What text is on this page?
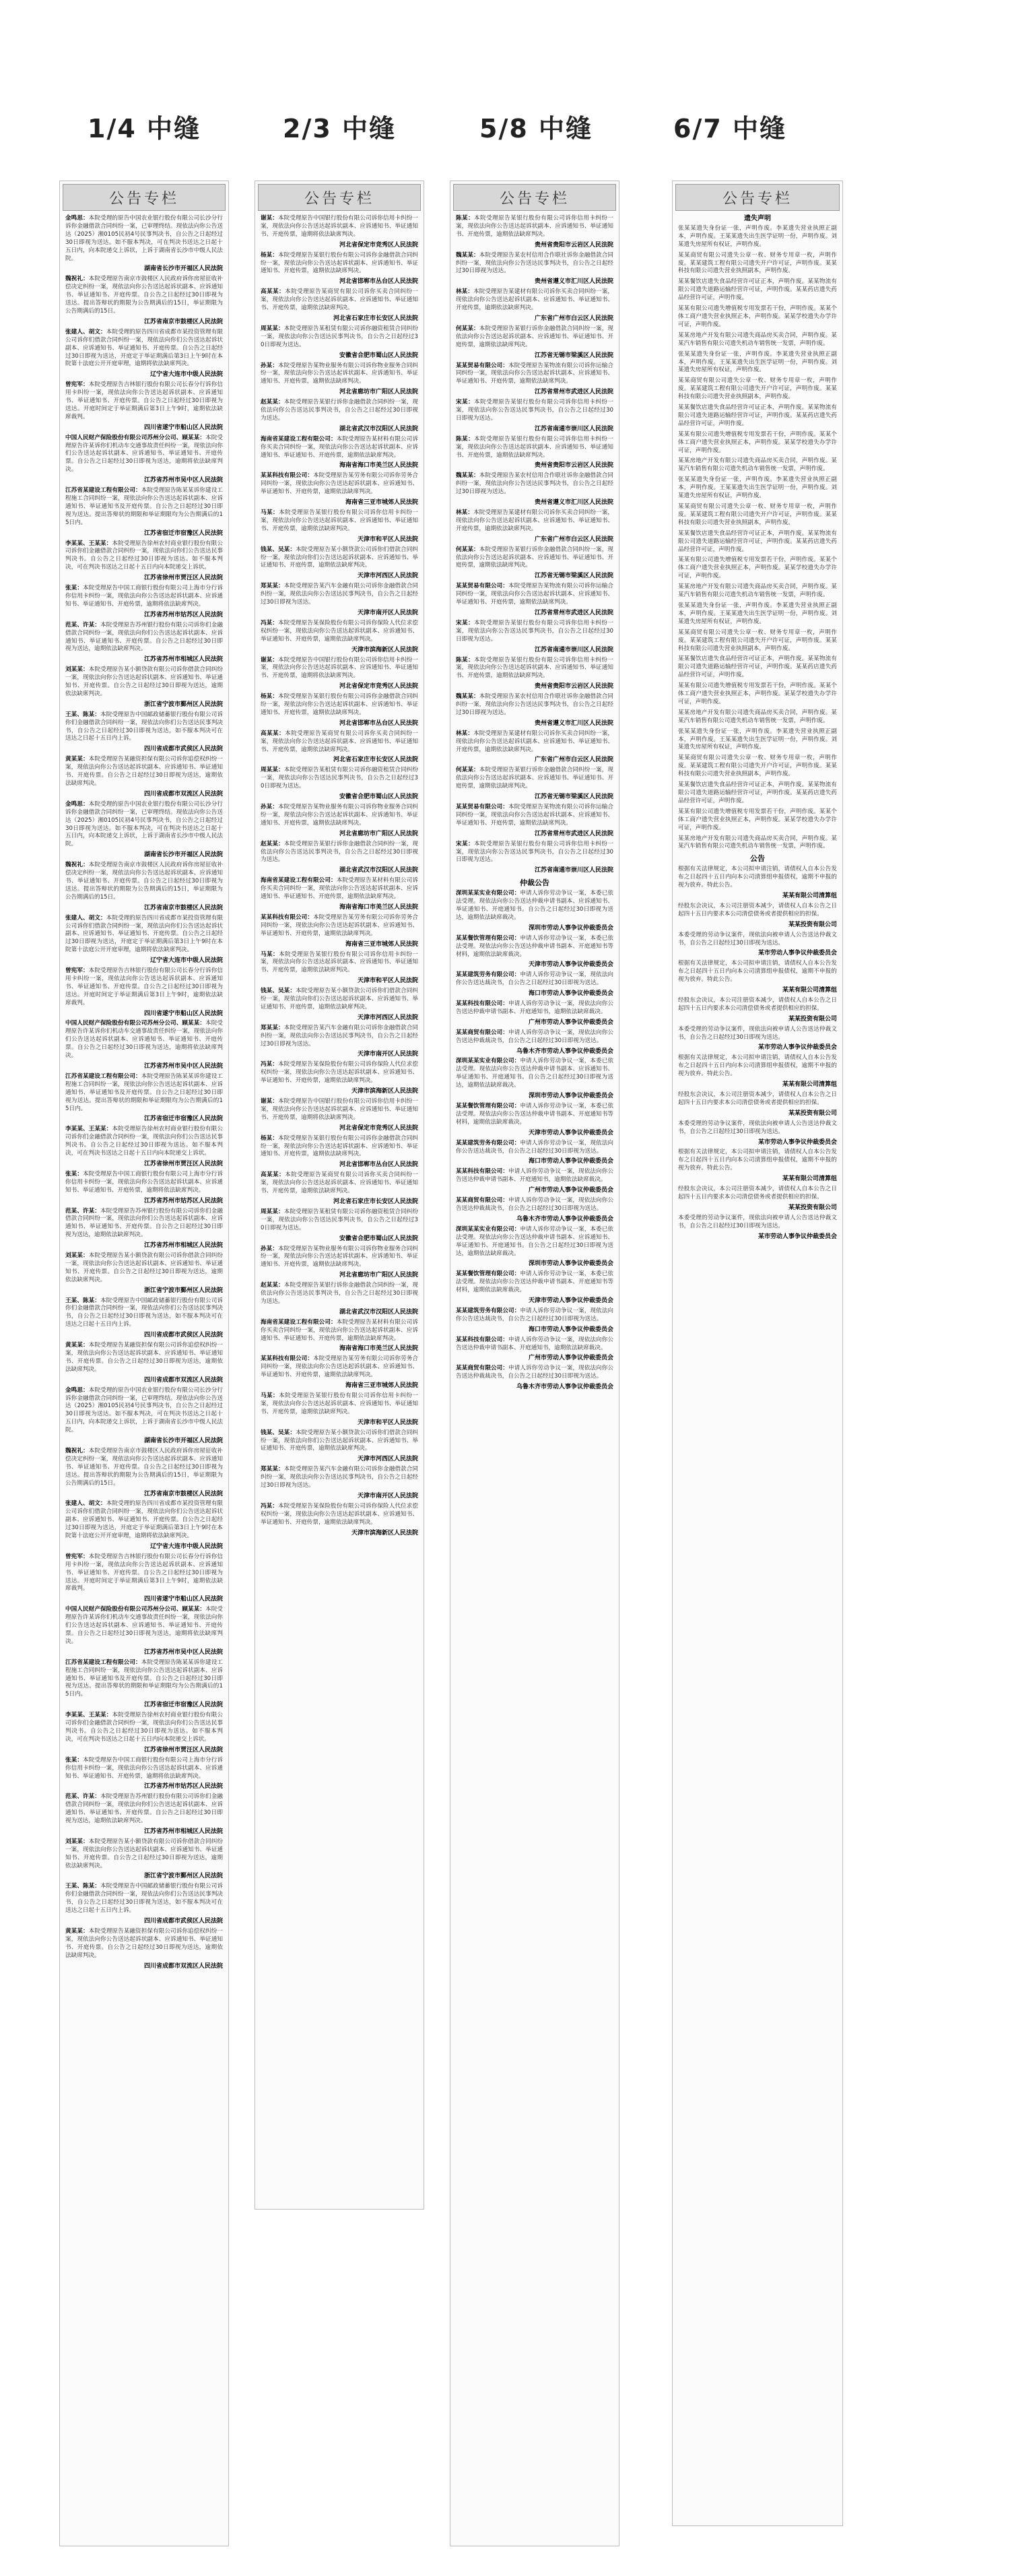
1/4 中缝	2/3 中缝	5/8 中缝	6/7 中缝
公告专栏
金鸣思：本院受理的原告中国农业银行股份有限公司长沙分行诉你金融借款合同纠纷一案，已审理终结。现依法向你公告送达（2025）湘0105民初4号民事判决书，自公告之日起经过30日即视为送达。如不服本判决，可在判决书送达之日起十五日内，向本院递交上诉状，上诉于湖南省长沙市中级人民法院。
湖南省长沙市开福区人民法院
魏祝礼：本院受理原告南京市鼓楼区人民政府诉你房屋征收补偿决定纠纷一案，现依法向你公告送达起诉状副本、应诉通知书、举证通知书、开庭传票。自公告之日起经过30日即视为送达。提出答辩状的期限为公告期满后的15日，举证期限为公告期满后的15日。
江苏省南京市鼓楼区人民法院
张建人、胡文：本院受理的原告四川省成都市某投资管理有限公司诉你们借款合同纠纷一案，现依法向你们公告送达起诉状副本、应诉通知书、举证通知书、开庭传票。自公告之日起经过30日即视为送达，开庭定于举证期满后第3日上午9时在本院第十法庭公开开庭审理，逾期将依法缺席判决。
辽宁省大连市中级人民法院
曾宪军：本院受理原告吉林银行股份有限公司长春分行诉你信用卡纠纷一案，现依法向你公告送达起诉状副本、应诉通知书、举证通知书、开庭传票。自公告之日起经过30日即视为送达。开庭时间定于举证期满后第3日上午9时，逾期依法缺席裁判。
四川省遂宁市船山区人民法院
中国人民财产保险股份有限公司苏州分公司、顾某某：本院受理原告许某诉你们机动车交通事故责任纠纷一案，现依法向你们公告送达起诉状副本、应诉通知书、举证通知书、开庭传票。自公告之日起经过30日即视为送达，逾期将依法缺席判决。
江苏省苏州市吴中区人民法院
江苏省某建设工程有限公司：本院受理原告陈某某诉你建设工程施工合同纠纷一案，现依法向你公告送达起诉状副本、应诉通知书、举证通知书及开庭传票。自公告之日起经过30日即视为送达。提出答辩状的期限和举证期限均为公告期满后的15日内。
江苏省宿迁市宿豫区人民法院
李某某、王某某：本院受理原告徐州农村商业银行股份有限公司诉你们金融借款合同纠纷一案，现依法向你们公告送达民事判决书。自公告之日起经过30日即视为送达。如不服本判决，可在判决书送达之日起十五日内向本院递交上诉状。
江苏省徐州市贾汪区人民法院
张某：本院受理原告中国工商银行股份有限公司上海市分行诉你信用卡纠纷一案，现依法向你公告送达起诉状副本、应诉通知书、举证通知书、开庭传票，逾期将依法缺席判决。
江苏省苏州市姑苏区人民法院
范某、许某：本院受理原告苏州银行股份有限公司诉你们金融借款合同纠纷一案，现依法向你们公告送达起诉状副本、应诉通知书、举证通知书、开庭传票。自公告之日起经过30日即视为送达，逾期依法缺席判决。
江苏省苏州市相城区人民法院
刘某某：本院受理原告某小额贷款有限公司诉你借款合同纠纷一案，现依法向你公告送达起诉状副本、应诉通知书、举证通知书、开庭传票。自公告之日起经过30日即视为送达，逾期依法缺席判决。
浙江省宁波市鄞州区人民法院
王某、陈某：本院受理原告中国邮政储蓄银行股份有限公司诉你们金融借款合同纠纷一案，现依法向你们公告送达民事判决书，自公告之日起经过30日即视为送达，如不服本判决可在送达之日起十五日内上诉。
四川省成都市武侯区人民法院
黄某某：本院受理原告某融资担保有限公司诉你追偿权纠纷一案，现依法向你公告送达起诉状副本、应诉通知书、举证通知书、开庭传票。自公告之日起经过30日即视为送达，逾期依法缺席判决。
四川省成都市双流区人民法院
金鸣思：本院受理的原告中国农业银行股份有限公司长沙分行诉你金融借款合同纠纷一案，已审理终结。现依法向你公告送达（2025）湘0105民初4号民事判决书，自公告之日起经过30日即视为送达。如不服本判决，可在判决书送达之日起十五日内，向本院递交上诉状，上诉于湖南省长沙市中级人民法院。
湖南省长沙市开福区人民法院
魏祝礼：本院受理原告南京市鼓楼区人民政府诉你房屋征收补偿决定纠纷一案，现依法向你公告送达起诉状副本、应诉通知书、举证通知书、开庭传票。自公告之日起经过30日即视为送达。提出答辩状的期限为公告期满后的15日，举证期限为公告期满后的15日。
江苏省南京市鼓楼区人民法院
张建人、胡文：本院受理的原告四川省成都市某投资管理有限公司诉你们借款合同纠纷一案，现依法向你们公告送达起诉状副本、应诉通知书、举证通知书、开庭传票。自公告之日起经过30日即视为送达，开庭定于举证期满后第3日上午9时在本院第十法庭公开开庭审理，逾期将依法缺席判决。
辽宁省大连市中级人民法院
曾宪军：本院受理原告吉林银行股份有限公司长春分行诉你信用卡纠纷一案，现依法向你公告送达起诉状副本、应诉通知书、举证通知书、开庭传票。自公告之日起经过30日即视为送达。开庭时间定于举证期满后第3日上午9时，逾期依法缺席裁判。
四川省遂宁市船山区人民法院
中国人民财产保险股份有限公司苏州分公司、顾某某：本院受理原告许某诉你们机动车交通事故责任纠纷一案，现依法向你们公告送达起诉状副本、应诉通知书、举证通知书、开庭传票。自公告之日起经过30日即视为送达，逾期将依法缺席判决。
江苏省苏州市吴中区人民法院
江苏省某建设工程有限公司：本院受理原告陈某某诉你建设工程施工合同纠纷一案，现依法向你公告送达起诉状副本、应诉通知书、举证通知书及开庭传票。自公告之日起经过30日即视为送达。提出答辩状的期限和举证期限均为公告期满后的15日内。
江苏省宿迁市宿豫区人民法院
李某某、王某某：本院受理原告徐州农村商业银行股份有限公司诉你们金融借款合同纠纷一案，现依法向你们公告送达民事判决书。自公告之日起经过30日即视为送达。如不服本判决，可在判决书送达之日起十五日内向本院递交上诉状。
江苏省徐州市贾汪区人民法院
张某：本院受理原告中国工商银行股份有限公司上海市分行诉你信用卡纠纷一案，现依法向你公告送达起诉状副本、应诉通知书、举证通知书、开庭传票，逾期将依法缺席判决。
江苏省苏州市姑苏区人民法院
范某、许某：本院受理原告苏州银行股份有限公司诉你们金融借款合同纠纷一案，现依法向你们公告送达起诉状副本、应诉通知书、举证通知书、开庭传票。自公告之日起经过30日即视为送达，逾期依法缺席判决。
江苏省苏州市相城区人民法院
刘某某：本院受理原告某小额贷款有限公司诉你借款合同纠纷一案，现依法向你公告送达起诉状副本、应诉通知书、举证通知书、开庭传票。自公告之日起经过30日即视为送达，逾期依法缺席判决。
浙江省宁波市鄞州区人民法院
王某、陈某：本院受理原告中国邮政储蓄银行股份有限公司诉你们金融借款合同纠纷一案，现依法向你们公告送达民事判决书，自公告之日起经过30日即视为送达，如不服本判决可在送达之日起十五日内上诉。
四川省成都市武侯区人民法院
黄某某：本院受理原告某融资担保有限公司诉你追偿权纠纷一案，现依法向你公告送达起诉状副本、应诉通知书、举证通知书、开庭传票。自公告之日起经过30日即视为送达，逾期依法缺席判决。
四川省成都市双流区人民法院
金鸣思：本院受理的原告中国农业银行股份有限公司长沙分行诉你金融借款合同纠纷一案，已审理终结。现依法向你公告送达（2025）湘0105民初4号民事判决书，自公告之日起经过30日即视为送达。如不服本判决，可在判决书送达之日起十五日内，向本院递交上诉状，上诉于湖南省长沙市中级人民法院。
湖南省长沙市开福区人民法院
魏祝礼：本院受理原告南京市鼓楼区人民政府诉你房屋征收补偿决定纠纷一案，现依法向你公告送达起诉状副本、应诉通知书、举证通知书、开庭传票。自公告之日起经过30日即视为送达。提出答辩状的期限为公告期满后的15日，举证期限为公告期满后的15日。
江苏省南京市鼓楼区人民法院
张建人、胡文：本院受理的原告四川省成都市某投资管理有限公司诉你们借款合同纠纷一案，现依法向你们公告送达起诉状副本、应诉通知书、举证通知书、开庭传票。自公告之日起经过30日即视为送达，开庭定于举证期满后第3日上午9时在本院第十法庭公开开庭审理，逾期将依法缺席判决。
辽宁省大连市中级人民法院
曾宪军：本院受理原告吉林银行股份有限公司长春分行诉你信用卡纠纷一案，现依法向你公告送达起诉状副本、应诉通知书、举证通知书、开庭传票。自公告之日起经过30日即视为送达。开庭时间定于举证期满后第3日上午9时，逾期依法缺席裁判。
四川省遂宁市船山区人民法院
中国人民财产保险股份有限公司苏州分公司、顾某某：本院受理原告许某诉你们机动车交通事故责任纠纷一案，现依法向你们公告送达起诉状副本、应诉通知书、举证通知书、开庭传票。自公告之日起经过30日即视为送达，逾期将依法缺席判决。
江苏省苏州市吴中区人民法院
江苏省某建设工程有限公司：本院受理原告陈某某诉你建设工程施工合同纠纷一案，现依法向你公告送达起诉状副本、应诉通知书、举证通知书及开庭传票。自公告之日起经过30日即视为送达。提出答辩状的期限和举证期限均为公告期满后的15日内。
江苏省宿迁市宿豫区人民法院
李某某、王某某：本院受理原告徐州农村商业银行股份有限公司诉你们金融借款合同纠纷一案，现依法向你们公告送达民事判决书。自公告之日起经过30日即视为送达。如不服本判决，可在判决书送达之日起十五日内向本院递交上诉状。
江苏省徐州市贾汪区人民法院
张某：本院受理原告中国工商银行股份有限公司上海市分行诉你信用卡纠纷一案，现依法向你公告送达起诉状副本、应诉通知书、举证通知书、开庭传票，逾期将依法缺席判决。
江苏省苏州市姑苏区人民法院
范某、许某：本院受理原告苏州银行股份有限公司诉你们金融借款合同纠纷一案，现依法向你们公告送达起诉状副本、应诉通知书、举证通知书、开庭传票。自公告之日起经过30日即视为送达，逾期依法缺席判决。
江苏省苏州市相城区人民法院
刘某某：本院受理原告某小额贷款有限公司诉你借款合同纠纷一案，现依法向你公告送达起诉状副本、应诉通知书、举证通知书、开庭传票。自公告之日起经过30日即视为送达，逾期依法缺席判决。
浙江省宁波市鄞州区人民法院
王某、陈某：本院受理原告中国邮政储蓄银行股份有限公司诉你们金融借款合同纠纷一案，现依法向你们公告送达民事判决书，自公告之日起经过30日即视为送达，如不服本判决可在送达之日起十五日内上诉。
四川省成都市武侯区人民法院
黄某某：本院受理原告某融资担保有限公司诉你追偿权纠纷一案，现依法向你公告送达起诉状副本、应诉通知书、举证通知书、开庭传票。自公告之日起经过30日即视为送达，逾期依法缺席判决。
四川省成都市双流区人民法院
公告专栏
谢某：本院受理原告中国银行股份有限公司诉你信用卡纠纷一案，现依法向你公告送达起诉状副本、应诉通知书、举证通知书、开庭传票，逾期将依法缺席判决。
河北省保定市竞秀区人民法院
杨某：本院受理原告某银行股份有限公司诉你金融借款合同纠纷一案，现依法向你公告送达起诉状副本、应诉通知书、举证通知书、开庭传票，逾期依法缺席判决。
河北省邯郸市丛台区人民法院
高某某：本院受理原告某商贸有限公司诉你买卖合同纠纷一案，现依法向你公告送达起诉状副本、应诉通知书、举证通知书、开庭传票，逾期依法缺席判决。
河北省石家庄市长安区人民法院
周某某：本院受理原告某租赁有限公司诉你融资租赁合同纠纷一案，现依法向你公告送达民事判决书，自公告之日起经过30日即视为送达。
安徽省合肥市蜀山区人民法院
孙某：本院受理原告某物业服务有限公司诉你物业服务合同纠纷一案，现依法向你公告送达起诉状副本、应诉通知书、举证通知书、开庭传票，逾期依法缺席判决。
河北省廊坊市广阳区人民法院
赵某某：本院受理原告某银行诉你金融借款合同纠纷一案，现依法向你公告送达民事判决书，自公告之日起经过30日即视为送达。
湖北省武汉市汉阳区人民法院
海南省某建设工程有限公司：本院受理原告某材料有限公司诉你买卖合同纠纷一案，现依法向你公告送达起诉状副本、应诉通知书、举证通知书、开庭传票，逾期依法缺席判决。
海南省海口市美兰区人民法院
某某科技有限公司：本院受理原告某劳务有限公司诉你劳务合同纠纷一案，现依法向你公告送达起诉状副本、应诉通知书、举证通知书、开庭传票，逾期依法缺席判决。
海南省三亚市城郊人民法院
马某：本院受理原告某银行股份有限公司诉你信用卡纠纷一案，现依法向你公告送达起诉状副本、应诉通知书、举证通知书、开庭传票，逾期依法缺席判决。
天津市和平区人民法院
钱某、吴某：本院受理原告某小额贷款公司诉你们借款合同纠纷一案，现依法向你们公告送达起诉状副本、应诉通知书、举证通知书、开庭传票，逾期依法缺席判决。
天津市河西区人民法院
郑某某：本院受理原告某汽车金融有限公司诉你金融借款合同纠纷一案，现依法向你公告送达民事判决书，自公告之日起经过30日即视为送达。
天津市南开区人民法院
冯某：本院受理原告某保险股份有限公司诉你保险人代位求偿权纠纷一案，现依法向你公告送达起诉状副本、应诉通知书、举证通知书、开庭传票，逾期依法缺席判决。
天津市滨海新区人民法院
谢某：本院受理原告中国银行股份有限公司诉你信用卡纠纷一案，现依法向你公告送达起诉状副本、应诉通知书、举证通知书、开庭传票，逾期将依法缺席判决。
河北省保定市竞秀区人民法院
杨某：本院受理原告某银行股份有限公司诉你金融借款合同纠纷一案，现依法向你公告送达起诉状副本、应诉通知书、举证通知书、开庭传票，逾期依法缺席判决。
河北省邯郸市丛台区人民法院
高某某：本院受理原告某商贸有限公司诉你买卖合同纠纷一案，现依法向你公告送达起诉状副本、应诉通知书、举证通知书、开庭传票，逾期依法缺席判决。
河北省石家庄市长安区人民法院
周某某：本院受理原告某租赁有限公司诉你融资租赁合同纠纷一案，现依法向你公告送达民事判决书，自公告之日起经过30日即视为送达。
安徽省合肥市蜀山区人民法院
孙某：本院受理原告某物业服务有限公司诉你物业服务合同纠纷一案，现依法向你公告送达起诉状副本、应诉通知书、举证通知书、开庭传票，逾期依法缺席判决。
河北省廊坊市广阳区人民法院
赵某某：本院受理原告某银行诉你金融借款合同纠纷一案，现依法向你公告送达民事判决书，自公告之日起经过30日即视为送达。
湖北省武汉市汉阳区人民法院
海南省某建设工程有限公司：本院受理原告某材料有限公司诉你买卖合同纠纷一案，现依法向你公告送达起诉状副本、应诉通知书、举证通知书、开庭传票，逾期依法缺席判决。
海南省海口市美兰区人民法院
某某科技有限公司：本院受理原告某劳务有限公司诉你劳务合同纠纷一案，现依法向你公告送达起诉状副本、应诉通知书、举证通知书、开庭传票，逾期依法缺席判决。
海南省三亚市城郊人民法院
马某：本院受理原告某银行股份有限公司诉你信用卡纠纷一案，现依法向你公告送达起诉状副本、应诉通知书、举证通知书、开庭传票，逾期依法缺席判决。
天津市和平区人民法院
钱某、吴某：本院受理原告某小额贷款公司诉你们借款合同纠纷一案，现依法向你们公告送达起诉状副本、应诉通知书、举证通知书、开庭传票，逾期依法缺席判决。
天津市河西区人民法院
郑某某：本院受理原告某汽车金融有限公司诉你金融借款合同纠纷一案，现依法向你公告送达民事判决书，自公告之日起经过30日即视为送达。
天津市南开区人民法院
冯某：本院受理原告某保险股份有限公司诉你保险人代位求偿权纠纷一案，现依法向你公告送达起诉状副本、应诉通知书、举证通知书、开庭传票，逾期依法缺席判决。
天津市滨海新区人民法院
谢某：本院受理原告中国银行股份有限公司诉你信用卡纠纷一案，现依法向你公告送达起诉状副本、应诉通知书、举证通知书、开庭传票，逾期将依法缺席判决。
河北省保定市竞秀区人民法院
杨某：本院受理原告某银行股份有限公司诉你金融借款合同纠纷一案，现依法向你公告送达起诉状副本、应诉通知书、举证通知书、开庭传票，逾期依法缺席判决。
河北省邯郸市丛台区人民法院
高某某：本院受理原告某商贸有限公司诉你买卖合同纠纷一案，现依法向你公告送达起诉状副本、应诉通知书、举证通知书、开庭传票，逾期依法缺席判决。
河北省石家庄市长安区人民法院
周某某：本院受理原告某租赁有限公司诉你融资租赁合同纠纷一案，现依法向你公告送达民事判决书，自公告之日起经过30日即视为送达。
安徽省合肥市蜀山区人民法院
孙某：本院受理原告某物业服务有限公司诉你物业服务合同纠纷一案，现依法向你公告送达起诉状副本、应诉通知书、举证通知书、开庭传票，逾期依法缺席判决。
河北省廊坊市广阳区人民法院
赵某某：本院受理原告某银行诉你金融借款合同纠纷一案，现依法向你公告送达民事判决书，自公告之日起经过30日即视为送达。
湖北省武汉市汉阳区人民法院
海南省某建设工程有限公司：本院受理原告某材料有限公司诉你买卖合同纠纷一案，现依法向你公告送达起诉状副本、应诉通知书、举证通知书、开庭传票，逾期依法缺席判决。
海南省海口市美兰区人民法院
某某科技有限公司：本院受理原告某劳务有限公司诉你劳务合同纠纷一案，现依法向你公告送达起诉状副本、应诉通知书、举证通知书、开庭传票，逾期依法缺席判决。
海南省三亚市城郊人民法院
马某：本院受理原告某银行股份有限公司诉你信用卡纠纷一案，现依法向你公告送达起诉状副本、应诉通知书、举证通知书、开庭传票，逾期依法缺席判决。
天津市和平区人民法院
钱某、吴某：本院受理原告某小额贷款公司诉你们借款合同纠纷一案，现依法向你们公告送达起诉状副本、应诉通知书、举证通知书、开庭传票，逾期依法缺席判决。
天津市河西区人民法院
郑某某：本院受理原告某汽车金融有限公司诉你金融借款合同纠纷一案，现依法向你公告送达民事判决书，自公告之日起经过30日即视为送达。
天津市南开区人民法院
冯某：本院受理原告某保险股份有限公司诉你保险人代位求偿权纠纷一案，现依法向你公告送达起诉状副本、应诉通知书、举证通知书、开庭传票，逾期依法缺席判决。
天津市滨海新区人民法院
公告专栏
陈某：本院受理原告某银行股份有限公司诉你信用卡纠纷一案，现依法向你公告送达起诉状副本、应诉通知书、举证通知书、开庭传票，逾期依法缺席判决。
贵州省贵阳市云岩区人民法院
魏某某：本院受理原告某农村信用合作联社诉你金融借款合同纠纷一案，现依法向你公告送达民事判决书，自公告之日起经过30日即视为送达。
贵州省遵义市汇川区人民法院
林某：本院受理原告某建材有限公司诉你买卖合同纠纷一案，现依法向你公告送达起诉状副本、应诉通知书、举证通知书、开庭传票，逾期依法缺席判决。
广东省广州市白云区人民法院
何某某：本院受理原告某银行诉你金融借款合同纠纷一案，现依法向你公告送达起诉状副本、应诉通知书、举证通知书、开庭传票，逾期依法缺席判决。
江苏省无锡市梁溪区人民法院
某某贸易有限公司：本院受理原告某物流有限公司诉你运输合同纠纷一案，现依法向你公告送达起诉状副本、应诉通知书、举证通知书、开庭传票，逾期依法缺席判决。
江苏省常州市武进区人民法院
宋某：本院受理原告某银行股份有限公司诉你信用卡纠纷一案，现依法向你公告送达民事判决书，自公告之日起经过30日即视为送达。
江苏省南通市崇川区人民法院
陈某：本院受理原告某银行股份有限公司诉你信用卡纠纷一案，现依法向你公告送达起诉状副本、应诉通知书、举证通知书、开庭传票，逾期依法缺席判决。
贵州省贵阳市云岩区人民法院
魏某某：本院受理原告某农村信用合作联社诉你金融借款合同纠纷一案，现依法向你公告送达民事判决书，自公告之日起经过30日即视为送达。
贵州省遵义市汇川区人民法院
林某：本院受理原告某建材有限公司诉你买卖合同纠纷一案，现依法向你公告送达起诉状副本、应诉通知书、举证通知书、开庭传票，逾期依法缺席判决。
广东省广州市白云区人民法院
何某某：本院受理原告某银行诉你金融借款合同纠纷一案，现依法向你公告送达起诉状副本、应诉通知书、举证通知书、开庭传票，逾期依法缺席判决。
江苏省无锡市梁溪区人民法院
某某贸易有限公司：本院受理原告某物流有限公司诉你运输合同纠纷一案，现依法向你公告送达起诉状副本、应诉通知书、举证通知书、开庭传票，逾期依法缺席判决。
江苏省常州市武进区人民法院
宋某：本院受理原告某银行股份有限公司诉你信用卡纠纷一案，现依法向你公告送达民事判决书，自公告之日起经过30日即视为送达。
江苏省南通市崇川区人民法院
陈某：本院受理原告某银行股份有限公司诉你信用卡纠纷一案，现依法向你公告送达起诉状副本、应诉通知书、举证通知书、开庭传票，逾期依法缺席判决。
贵州省贵阳市云岩区人民法院
魏某某：本院受理原告某农村信用合作联社诉你金融借款合同纠纷一案，现依法向你公告送达民事判决书，自公告之日起经过30日即视为送达。
贵州省遵义市汇川区人民法院
林某：本院受理原告某建材有限公司诉你买卖合同纠纷一案，现依法向你公告送达起诉状副本、应诉通知书、举证通知书、开庭传票，逾期依法缺席判决。
广东省广州市白云区人民法院
何某某：本院受理原告某银行诉你金融借款合同纠纷一案，现依法向你公告送达起诉状副本、应诉通知书、举证通知书、开庭传票，逾期依法缺席判决。
江苏省无锡市梁溪区人民法院
某某贸易有限公司：本院受理原告某物流有限公司诉你运输合同纠纷一案，现依法向你公告送达起诉状副本、应诉通知书、举证通知书、开庭传票，逾期依法缺席判决。
江苏省常州市武进区人民法院
宋某：本院受理原告某银行股份有限公司诉你信用卡纠纷一案，现依法向你公告送达民事判决书，自公告之日起经过30日即视为送达。
江苏省南通市崇川区人民法院
仲裁公告
深圳某某实业有限公司：申请人诉你劳动争议一案，本委已依法受理。现依法向你公告送达仲裁申请书副本、应诉通知书、举证通知书、开庭通知书。自公告之日起经过30日即视为送达，逾期依法缺席裁决。
深圳市劳动人事争议仲裁委员会
某某餐饮管理有限公司：申请人诉你劳动争议一案，本委已依法受理。现依法向你公告送达仲裁申请书副本、开庭通知书等材料，逾期依法缺席裁决。
天津市劳动人事争议仲裁委员会
某某建筑劳务有限公司：申请人诉你劳动争议一案，现依法向你公告送达裁决书，自公告之日起经过30日即视为送达。
海口市劳动人事争议仲裁委员会
某某科技有限公司：申请人诉你劳动争议一案，现依法向你公告送达仲裁申请书副本、开庭通知书，逾期依法缺席裁决。
广州市劳动人事争议仲裁委员会
某某商贸有限公司：申请人诉你劳动争议一案，现依法向你公告送达仲裁裁决书，自公告之日起经过30日即视为送达。
乌鲁木齐市劳动人事争议仲裁委员会
深圳某某实业有限公司：申请人诉你劳动争议一案，本委已依法受理。现依法向你公告送达仲裁申请书副本、应诉通知书、举证通知书、开庭通知书。自公告之日起经过30日即视为送达，逾期依法缺席裁决。
深圳市劳动人事争议仲裁委员会
某某餐饮管理有限公司：申请人诉你劳动争议一案，本委已依法受理。现依法向你公告送达仲裁申请书副本、开庭通知书等材料，逾期依法缺席裁决。
天津市劳动人事争议仲裁委员会
某某建筑劳务有限公司：申请人诉你劳动争议一案，现依法向你公告送达裁决书，自公告之日起经过30日即视为送达。
海口市劳动人事争议仲裁委员会
某某科技有限公司：申请人诉你劳动争议一案，现依法向你公告送达仲裁申请书副本、开庭通知书，逾期依法缺席裁决。
广州市劳动人事争议仲裁委员会
某某商贸有限公司：申请人诉你劳动争议一案，现依法向你公告送达仲裁裁决书，自公告之日起经过30日即视为送达。
乌鲁木齐市劳动人事争议仲裁委员会
深圳某某实业有限公司：申请人诉你劳动争议一案，本委已依法受理。现依法向你公告送达仲裁申请书副本、应诉通知书、举证通知书、开庭通知书。自公告之日起经过30日即视为送达，逾期依法缺席裁决。
深圳市劳动人事争议仲裁委员会
某某餐饮管理有限公司：申请人诉你劳动争议一案，本委已依法受理。现依法向你公告送达仲裁申请书副本、开庭通知书等材料，逾期依法缺席裁决。
天津市劳动人事争议仲裁委员会
某某建筑劳务有限公司：申请人诉你劳动争议一案，现依法向你公告送达裁决书，自公告之日起经过30日即视为送达。
海口市劳动人事争议仲裁委员会
某某科技有限公司：申请人诉你劳动争议一案，现依法向你公告送达仲裁申请书副本、开庭通知书，逾期依法缺席裁决。
广州市劳动人事争议仲裁委员会
某某商贸有限公司：申请人诉你劳动争议一案，现依法向你公告送达仲裁裁决书，自公告之日起经过30日即视为送达。
乌鲁木齐市劳动人事争议仲裁委员会
公告专栏
遗失声明
张某某遗失身份证一张，声明作废。李某遗失营业执照正副本，声明作废。王某某遗失出生医学证明一份，声明作废。刘某遗失房屋所有权证，声明作废。
某某商贸有限公司遗失公章一枚、财务专用章一枚，声明作废。某某建筑工程有限公司遗失开户许可证，声明作废。某某科技有限公司遗失营业执照副本，声明作废。
某某餐饮店遗失食品经营许可证正本，声明作废。某某物流有限公司遗失道路运输经营许可证，声明作废。某某药店遗失药品经营许可证，声明作废。
某某有限公司遗失增值税专用发票若干份，声明作废。某某个体工商户遗失营业执照正本，声明作废。某某学校遗失办学许可证，声明作废。
某某房地产开发有限公司遗失商品房买卖合同，声明作废。某某汽车销售有限公司遗失机动车销售统一发票，声明作废。
张某某遗失身份证一张，声明作废。李某遗失营业执照正副本，声明作废。王某某遗失出生医学证明一份，声明作废。刘某遗失房屋所有权证，声明作废。
某某商贸有限公司遗失公章一枚、财务专用章一枚，声明作废。某某建筑工程有限公司遗失开户许可证，声明作废。某某科技有限公司遗失营业执照副本，声明作废。
某某餐饮店遗失食品经营许可证正本，声明作废。某某物流有限公司遗失道路运输经营许可证，声明作废。某某药店遗失药品经营许可证，声明作废。
某某有限公司遗失增值税专用发票若干份，声明作废。某某个体工商户遗失营业执照正本，声明作废。某某学校遗失办学许可证，声明作废。
某某房地产开发有限公司遗失商品房买卖合同，声明作废。某某汽车销售有限公司遗失机动车销售统一发票，声明作废。
张某某遗失身份证一张，声明作废。李某遗失营业执照正副本，声明作废。王某某遗失出生医学证明一份，声明作废。刘某遗失房屋所有权证，声明作废。
某某商贸有限公司遗失公章一枚、财务专用章一枚，声明作废。某某建筑工程有限公司遗失开户许可证，声明作废。某某科技有限公司遗失营业执照副本，声明作废。
某某餐饮店遗失食品经营许可证正本，声明作废。某某物流有限公司遗失道路运输经营许可证，声明作废。某某药店遗失药品经营许可证，声明作废。
某某有限公司遗失增值税专用发票若干份，声明作废。某某个体工商户遗失营业执照正本，声明作废。某某学校遗失办学许可证，声明作废。
某某房地产开发有限公司遗失商品房买卖合同，声明作废。某某汽车销售有限公司遗失机动车销售统一发票，声明作废。
张某某遗失身份证一张，声明作废。李某遗失营业执照正副本，声明作废。王某某遗失出生医学证明一份，声明作废。刘某遗失房屋所有权证，声明作废。
某某商贸有限公司遗失公章一枚、财务专用章一枚，声明作废。某某建筑工程有限公司遗失开户许可证，声明作废。某某科技有限公司遗失营业执照副本，声明作废。
某某餐饮店遗失食品经营许可证正本，声明作废。某某物流有限公司遗失道路运输经营许可证，声明作废。某某药店遗失药品经营许可证，声明作废。
某某有限公司遗失增值税专用发票若干份，声明作废。某某个体工商户遗失营业执照正本，声明作废。某某学校遗失办学许可证，声明作废。
某某房地产开发有限公司遗失商品房买卖合同，声明作废。某某汽车销售有限公司遗失机动车销售统一发票，声明作废。
张某某遗失身份证一张，声明作废。李某遗失营业执照正副本，声明作废。王某某遗失出生医学证明一份，声明作废。刘某遗失房屋所有权证，声明作废。
某某商贸有限公司遗失公章一枚、财务专用章一枚，声明作废。某某建筑工程有限公司遗失开户许可证，声明作废。某某科技有限公司遗失营业执照副本，声明作废。
某某餐饮店遗失食品经营许可证正本，声明作废。某某物流有限公司遗失道路运输经营许可证，声明作废。某某药店遗失药品经营许可证，声明作废。
某某有限公司遗失增值税专用发票若干份，声明作废。某某个体工商户遗失营业执照正本，声明作废。某某学校遗失办学许可证，声明作废。
某某房地产开发有限公司遗失商品房买卖合同，声明作废。某某汽车销售有限公司遗失机动车销售统一发票，声明作废。
公告
根据有关法律规定，本公司拟申请注销，请债权人自本公告发布之日起四十五日内向本公司清算组申报债权，逾期不申报的视为放弃。特此公告。
某某有限公司清算组
经股东会决议，本公司注册资本减少，请债权人自本公告之日起四十五日内要求本公司清偿债务或者提供相应的担保。
某某投资有限公司
本委受理的劳动争议案件，现依法向被申请人公告送达仲裁文书，自公告之日起经过30日即视为送达。
某市劳动人事争议仲裁委员会
根据有关法律规定，本公司拟申请注销，请债权人自本公告发布之日起四十五日内向本公司清算组申报债权，逾期不申报的视为放弃。特此公告。
某某有限公司清算组
经股东会决议，本公司注册资本减少，请债权人自本公告之日起四十五日内要求本公司清偿债务或者提供相应的担保。
某某投资有限公司
本委受理的劳动争议案件，现依法向被申请人公告送达仲裁文书，自公告之日起经过30日即视为送达。
某市劳动人事争议仲裁委员会
根据有关法律规定，本公司拟申请注销，请债权人自本公告发布之日起四十五日内向本公司清算组申报债权，逾期不申报的视为放弃。特此公告。
某某有限公司清算组
经股东会决议，本公司注册资本减少，请债权人自本公告之日起四十五日内要求本公司清偿债务或者提供相应的担保。
某某投资有限公司
本委受理的劳动争议案件，现依法向被申请人公告送达仲裁文书，自公告之日起经过30日即视为送达。
某市劳动人事争议仲裁委员会
根据有关法律规定，本公司拟申请注销，请债权人自本公告发布之日起四十五日内向本公司清算组申报债权，逾期不申报的视为放弃。特此公告。
某某有限公司清算组
经股东会决议，本公司注册资本减少，请债权人自本公告之日起四十五日内要求本公司清偿债务或者提供相应的担保。
某某投资有限公司
本委受理的劳动争议案件，现依法向被申请人公告送达仲裁文书，自公告之日起经过30日即视为送达。
某市劳动人事争议仲裁委员会
